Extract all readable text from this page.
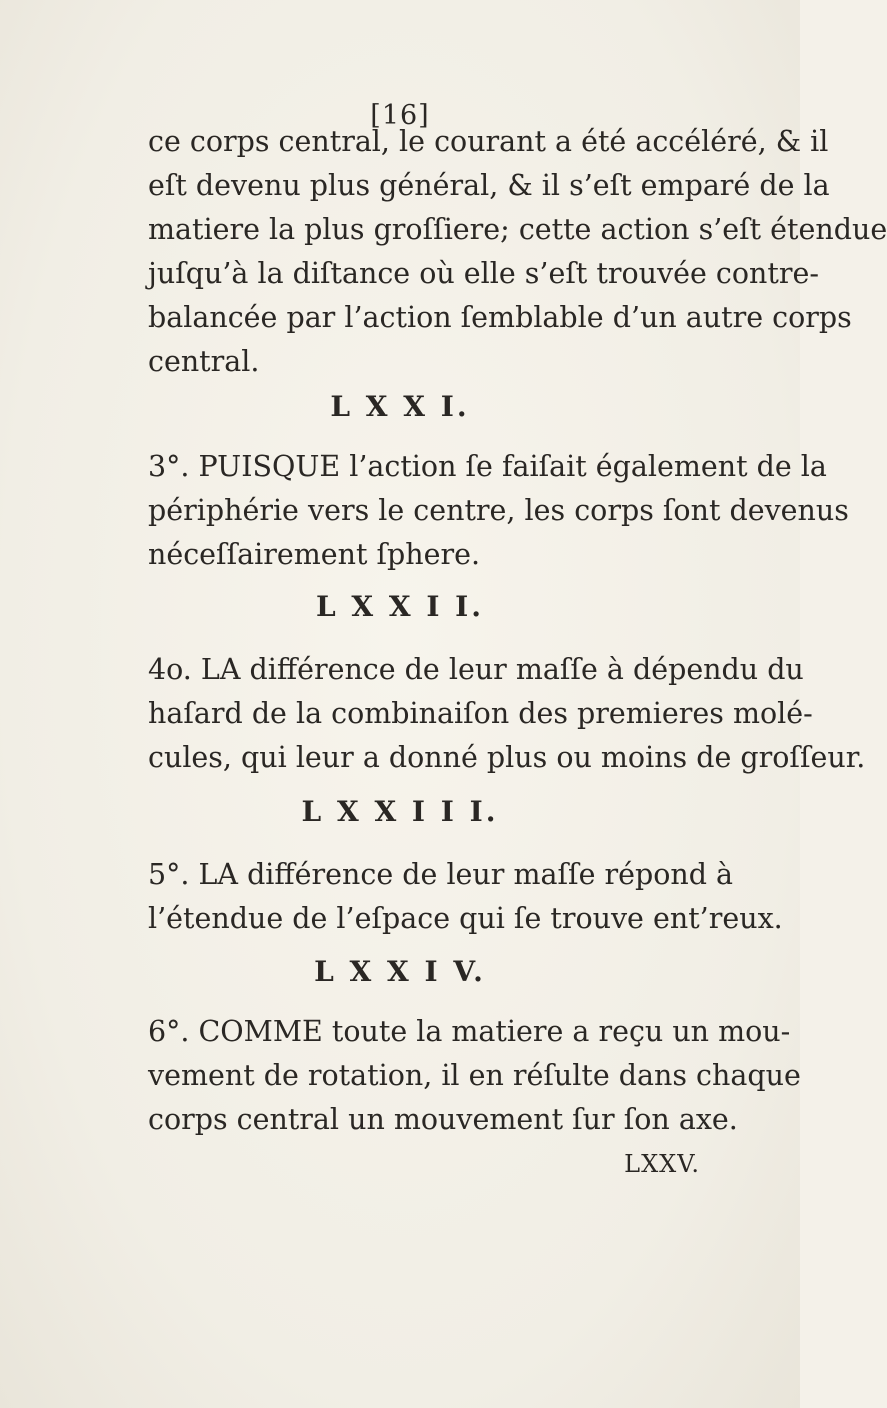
[16]
ce corps central, le courant a été accéléré, & il
eſt devenu plus général, & il s’eſt emparé de la
matiere la plus groſſiere; cette action s’eſt étendue
juſqu’à la diſtance où elle s’eſt trouvée contre-
balancée par l’action ſemblable d’un autre corps
central.
L X X I.
3°. PUISQUE l’action ſe faiſait également de la
périphérie vers le centre, les corps ſont devenus
néceſſairement ſphere.
L X X I I.
4o. LA différence de leur maſſe à dépendu du
haſard de la combinaiſon des premieres molé-
cules, qui leur a donné plus ou moins de groſſeur.
L X X I I I.
5°. LA différence de leur maſſe répond à
l’étendue de l’eſpace qui ſe trouve ent’reux.
L X X I V.
6°. COMME toute la matiere a reçu un mou-
vement de rotation, il en réſulte dans chaque
corps central un mouvement ſur ſon axe.
LXXV.
